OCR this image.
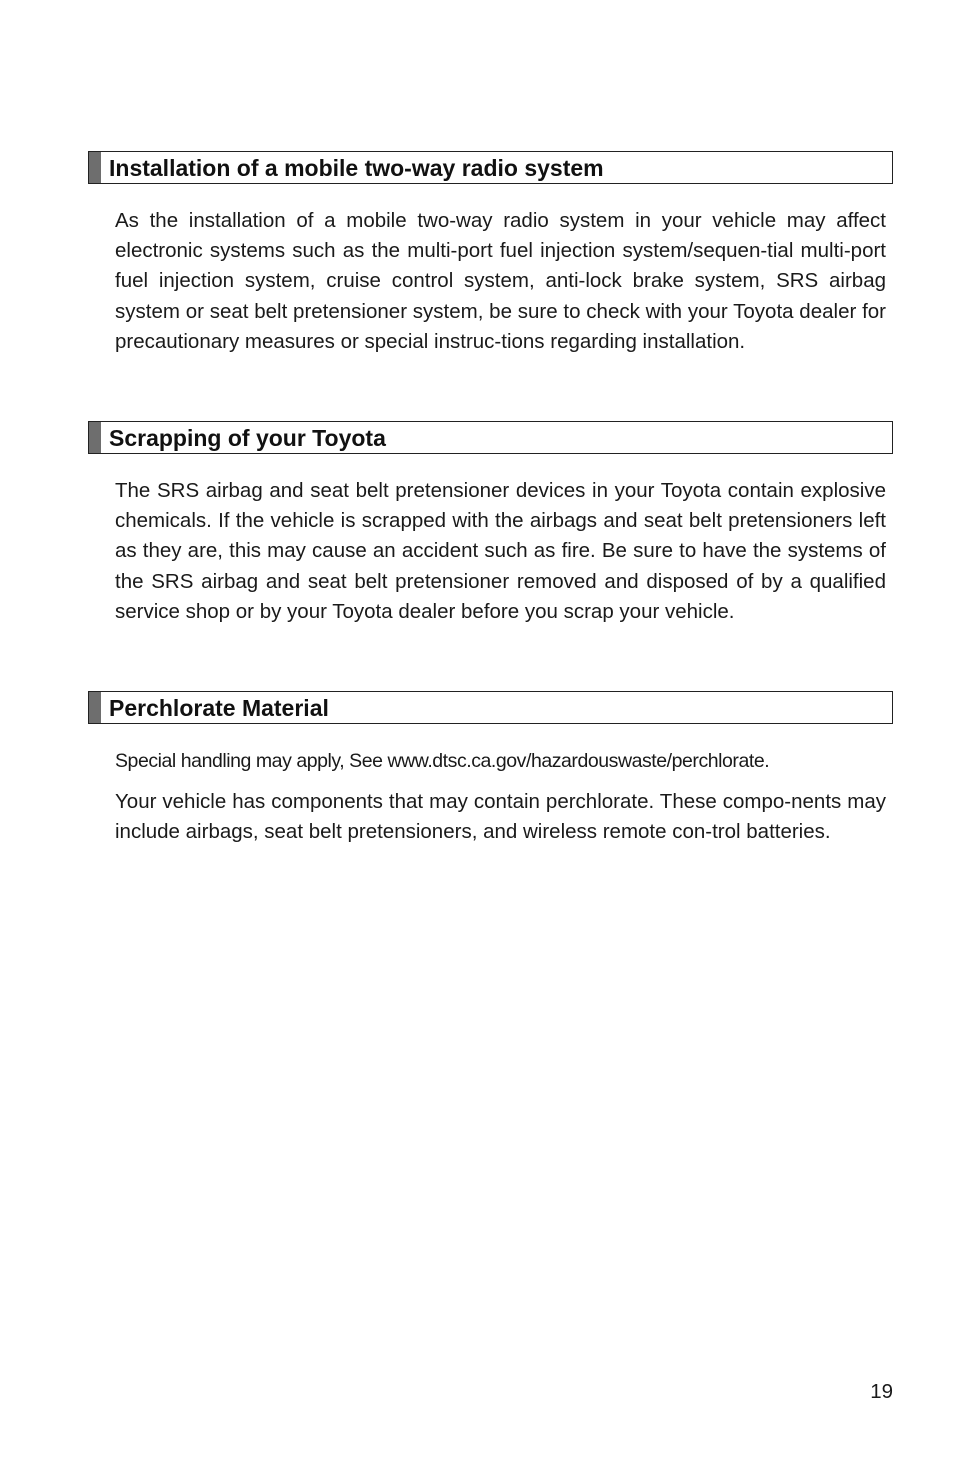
Installation of a mobile two-way radio system

As the installation of a mobile two-way radio system in your vehicle may affect electronic systems such as the multi-port fuel injection system/sequen-tial multi-port fuel injection system, cruise control system, anti-lock brake system, SRS airbag system or seat belt pretensioner system, be sure to check with your Toyota dealer for precautionary measures or special instruc-tions regarding installation.

Scrapping of your Toyota

The SRS airbag and seat belt pretensioner devices in your Toyota contain explosive chemicals. If the vehicle is scrapped with the airbags and seat belt pretensioners left as they are, this may cause an accident such as fire. Be sure to have the systems of the SRS airbag and seat belt pretensioner removed and disposed of by a qualified service shop or by your Toyota dealer before you scrap your vehicle.

Perchlorate Material

Special handling may apply, See www.dtsc.ca.gov/hazardouswaste/perchlorate.

Your vehicle has components that may contain perchlorate. These compo-nents may include airbags, seat belt pretensioners, and wireless remote con-trol batteries.

19
